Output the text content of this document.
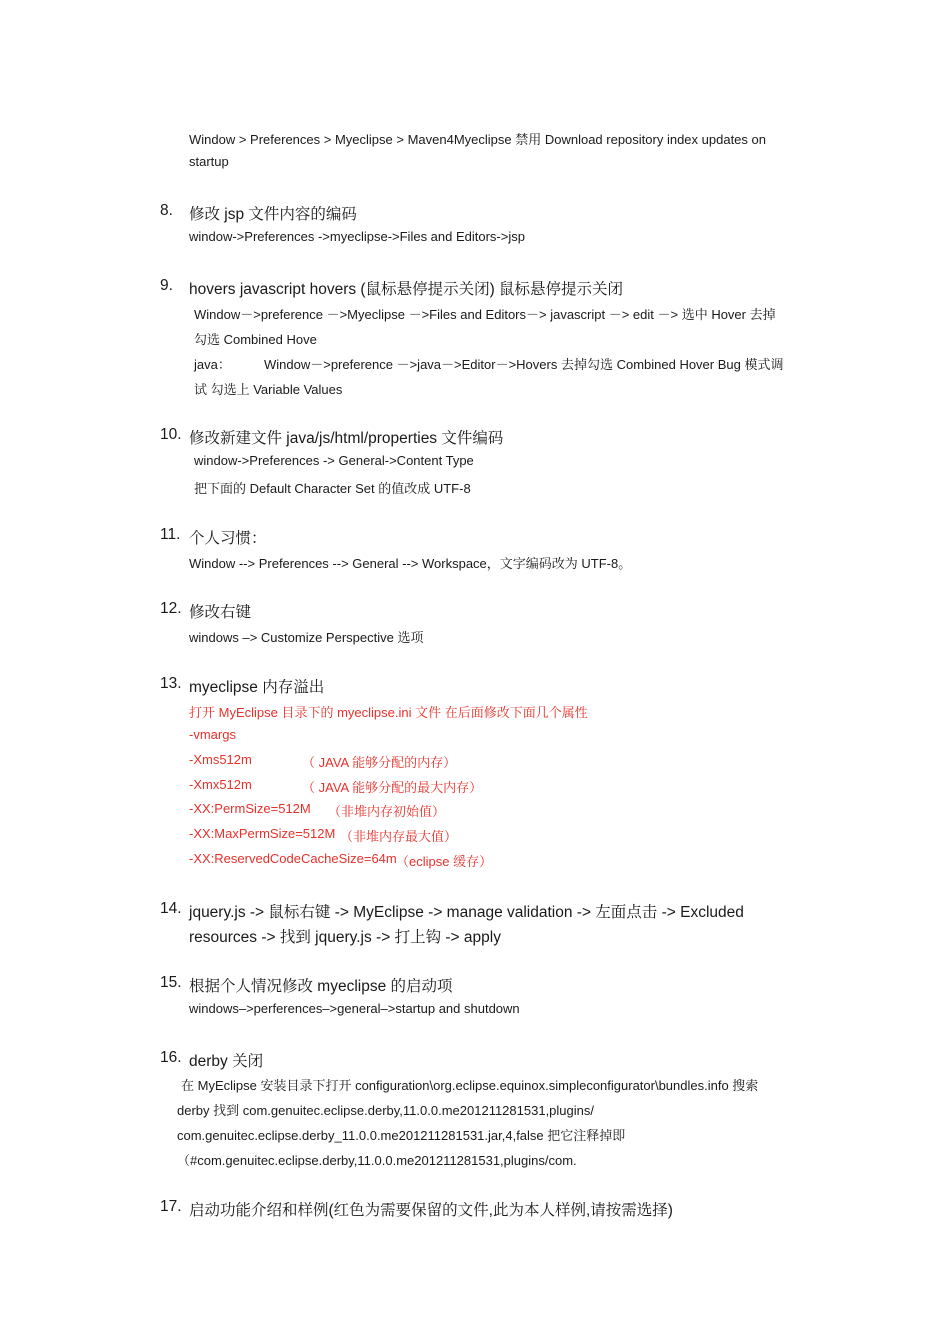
Window > Preferences > Myeclipse > Maven4Myeclipse 禁用 Download repository index updates on
startup
8. 修改 jsp 文件内容的编码
window->Preferences ->myeclipse->Files and Editors->jsp
9. hovers javascript hovers (鼠标悬停提示关闭) 鼠标悬停提示关闭
Window－>preference －>Myeclipse －>Files and Editors－> javascript －> edit －> 选中 Hover 去掉
勾选 Combined Hove
java：	Window－>preference －>java－>Editor－>Hovers 去掉勾选 Combined Hover Bug 模式调
试 勾选上 Variable Values
10. 修改新建文件 java/js/html/properties 文件编码
window->Preferences -> General->Content Type
把下面的 Default Character Set 的值改成 UTF-8
11. 个人习惯：
Window --> Preferences --> General --> Workspace，文字编码改为 UTF-8。
12. 修改右键
windows –> Customize Perspective 选项
13. myeclipse 内存溢出
打开 MyEclipse 目录下的 myeclipse.ini 文件 在后面修改下面几个属性
-vmargs
-Xms512m	（ JAVA 能够分配的内存）
-Xmx512m	（ JAVA 能够分配的最大内存）
-XX:PermSize=512M （非堆内存初始值）
-XX:MaxPermSize=512M （非堆内存最大值）
-XX:ReservedCodeCacheSize=64m （eclipse 缓存）
14. jquery.js -> 鼠标右键 -> MyEclipse -> manage validation -> 左面点击 -> Excluded
resources -> 找到 jquery.js -> 打上钩 -> apply
15. 根据个人情况修改 myeclipse 的启动项
windows–>perferences–>general–>startup and shutdown
16. derby 关闭
在 MyEclipse 安装目录下打开 configuration\org.eclipse.equinox.simpleconfigurator\bundles.info 搜索
derby 找到 com.genuitec.eclipse.derby,11.0.0.me201211281531,plugins/
com.genuitec.eclipse.derby_11.0.0.me201211281531.jar,4,false 把它注释掉即
（#com.genuitec.eclipse.derby,11.0.0.me201211281531,plugins/com.
17. 启动功能介绍和样例(红色为需要保留的文件,此为本人样例,请按需选择)
